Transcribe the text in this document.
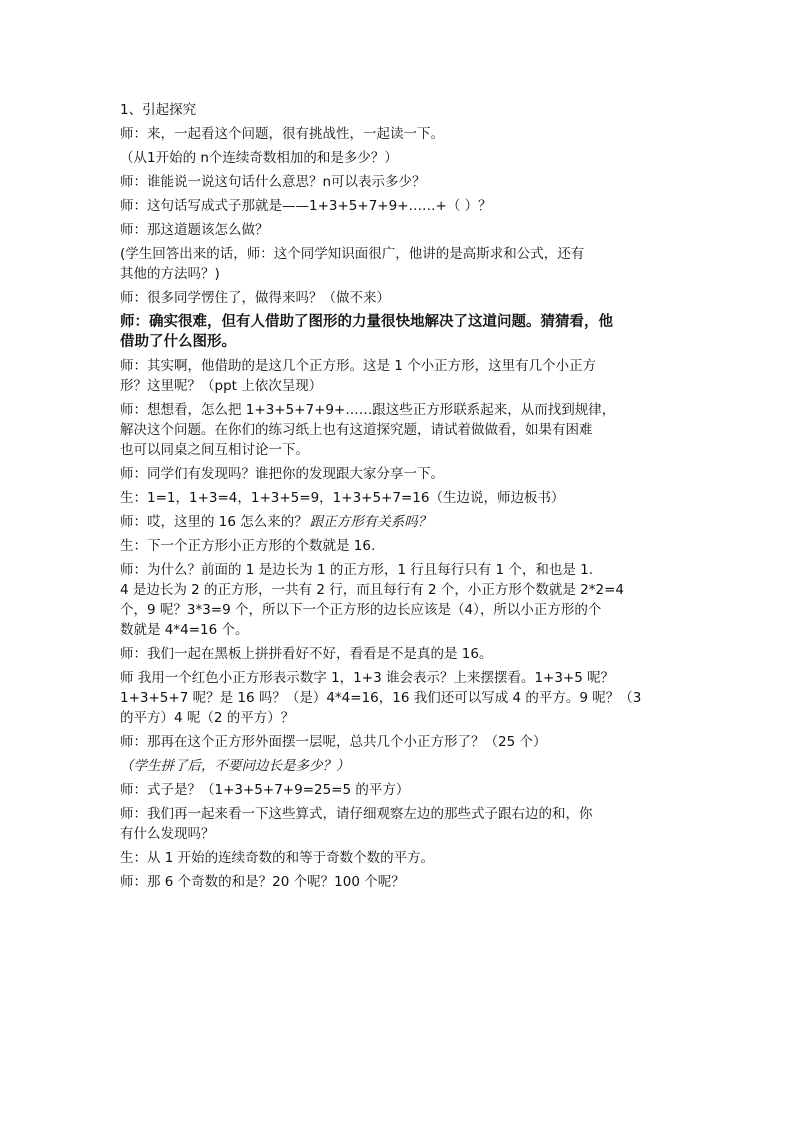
1、引起探究

师：来，一起看这个问题，很有挑战性，一起读一下。

（从1开始的 n个连续奇数相加的和是多少？）

师：谁能说一说这句话什么意思？n可以表示多少？

师：这句话写成式子那就是——1+3+5+7+9+……+（ ）？

师：那这道题该怎么做？

(学生回答出来的话，师：这个同学知识面很广，他讲的是高斯求和公式，还有

其他的方法吗？)

师：很多同学愣住了，做得来吗？（做不来）

师：确实很难，但有人借助了图形的力量很快地解决了这道问题。猜猜看，他

借助了什么图形。

师：其实啊，他借助的是这几个正方形。这是 1 个小正方形，这里有几个小正方

形？这里呢？（ppt 上依次呈现）

师：想想看，怎么把 1+3+5+7+9+……跟这些正方形联系起来，从而找到规律，

解决这个问题。在你们的练习纸上也有这道探究题，请试着做做看，如果有困难

也可以同桌之间互相讨论一下。

师：同学们有发现吗？谁把你的发现跟大家分享一下。

生：1=1，1+3=4，1+3+5=9，1+3+5+7=16（生边说，师边板书）

师：哎，这里的 16 怎么来的？ 跟正方形有关系吗？

生：下一个正方形小正方形的个数就是 16.

师：为什么？前面的 1 是边长为 1 的正方形，1 行且每行只有 1 个，和也是 1.

4 是边长为 2 的正方形，一共有 2 行，而且每行有 2 个，小正方形个数就是 2*2=4

个，9 呢？3*3=9 个，所以下一个正方形的边长应该是（4），所以小正方形的个

数就是 4*4=16 个。

师：我们一起在黑板上拼拼看好不好，看看是不是真的是 16。

师 我用一个红色小正方形表示数字 1，1+3 谁会表示？上来摆摆看。1+3+5 呢？

1+3+5+7 呢？是 16 吗？（是）4*4=16，16 我们还可以写成 4 的平方。9 呢？（3

的平方）4 呢（2 的平方）？

师：那再在这个正方形外面摆一层呢，总共几个小正方形了？（25 个）

（学生拼了后，不要问边长是多少？）

师：式子是？（1+3+5+7+9=25=5 的平方）

师：我们再一起来看一下这些算式，请仔细观察左边的那些式子跟右边的和，你

有什么发现吗？

生：从 1 开始的连续奇数的和等于奇数个数的平方。

师：那 6 个奇数的和是？20 个呢？100 个呢？
